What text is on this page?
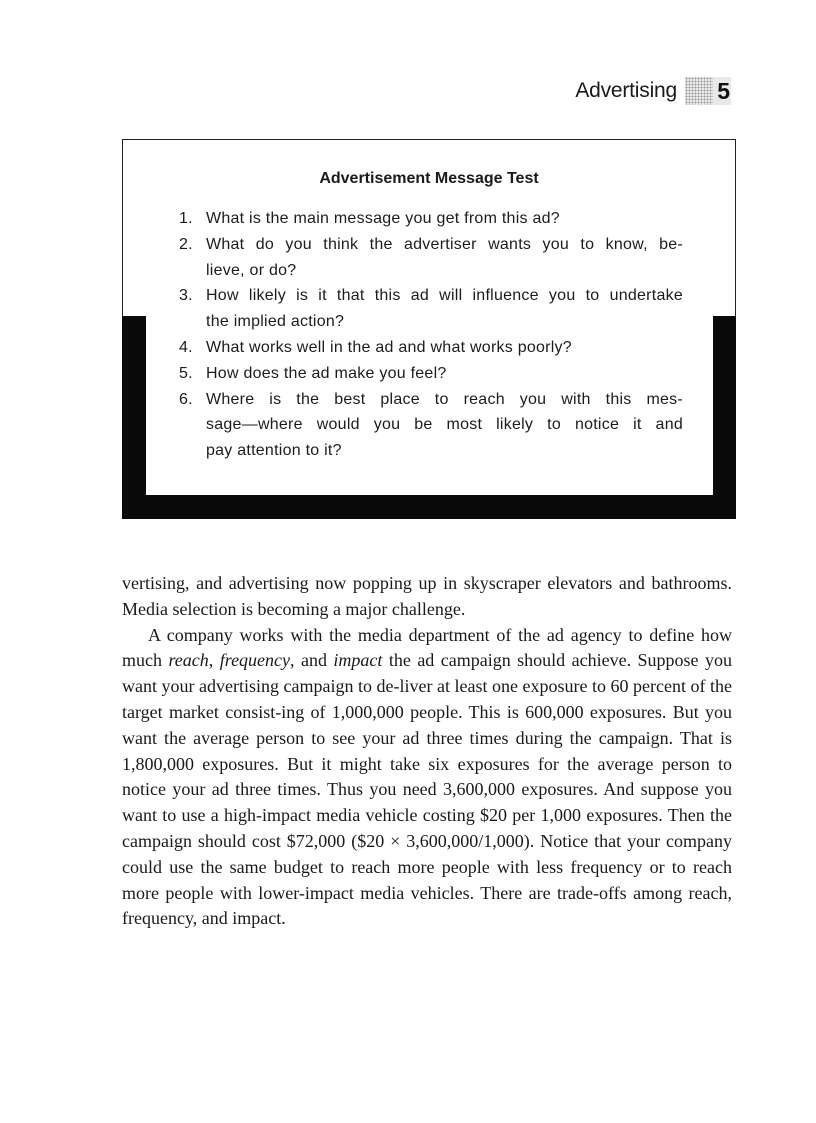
Advertising 5
Advertisement Message Test
1. What is the main message you get from this ad?
2. What do you think the advertiser wants you to know, be-
lieve, or do?
3. How likely is it that this ad will influence you to undertake
the implied action?
4. What works well in the ad and what works poorly?
5. How does the ad make you feel?
6. Where is the best place to reach you with this mes-
sage—where would you be most likely to notice it and
pay attention to it?

vertising, and advertising now popping up in skyscraper elevators and bathrooms. Media selection is becoming a major challenge.

A company works with the media department of the ad agency to define how much reach, frequency, and impact the ad campaign should achieve. Suppose you want your advertising campaign to de-liver at least one exposure to 60 percent of the target market consist-ing of 1,000,000 people. This is 600,000 exposures. But you want the average person to see your ad three times during the campaign. That is 1,800,000 exposures. But it might take six exposures for the average person to notice your ad three times. Thus you need 3,600,000 exposures. And suppose you want to use a high-impact media vehicle costing $20 per 1,000 exposures. Then the campaign should cost $72,000 ($20 × 3,600,000/1,000). Notice that your company could use the same budget to reach more people with less frequency or to reach more people with lower-impact media vehicles. There are trade-offs among reach, frequency, and impact.
